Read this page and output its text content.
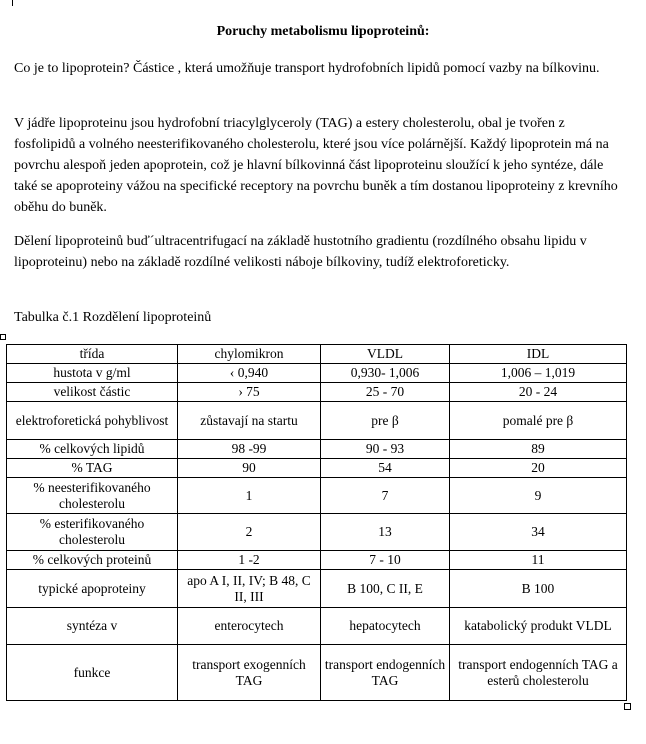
Poruchy metabolismu lipoproteinů:

Co je to lipoprotein? Částice , která umožňuje transport hydrofobních lipidů pomocí vazby na bílkovinu.

V jádře lipoproteinu jsou hydrofobní triacylglyceroly (TAG) a estery cholesterolu, obal je tvořen z fosfolipidů a volného neesterifikovaného cholesterolu, které jsou více polárnější. Každý lipoprotein má na povrchu alespoň jeden apoprotein, což je hlavní bílkovinná část lipoproteinu sloužící k jeho syntéze, dále také se apoproteiny vážou na specifické receptory na povrchu buněk a tím dostanou lipoproteiny z krevního oběhu do buněk.

Dělení lipoproteinů buď´ultracentrifugací na základě hustotního gradientu (rozdílného obsahu lipidu v lipoproteinu) nebo na základě rozdílné velikosti náboje bílkoviny, tudíž elektroforeticky.

Tabulka č.1 Rozdělení lipoproteinů
třída	chylomikron	VLDL	IDL
hustota v g/ml	‹ 0,940	0,930- 1,006	1,006 – 1,019
velikost částic	› 75	25 - 70	20 - 24
elektroforetická pohyblivost	zůstavají na startu	pre β	pomalé pre β
% celkových lipidů	98 -99	90 - 93	89
% TAG	90	54	20
% neesterifikovaného cholesterolu	1	7	9
% esterifikovaného cholesterolu	2	13	34
% celkových proteinů	1 -2	7 - 10	11
typické apoproteiny	apo A I, II, IV; B 48, C II, III	B 100, C II, E	B 100
syntéza v	enterocytech	hepatocytech	katabolický produkt VLDL
funkce	transport exogenních TAG	transport endogenních TAG	transport endogenních TAG a esterů cholesterolu
